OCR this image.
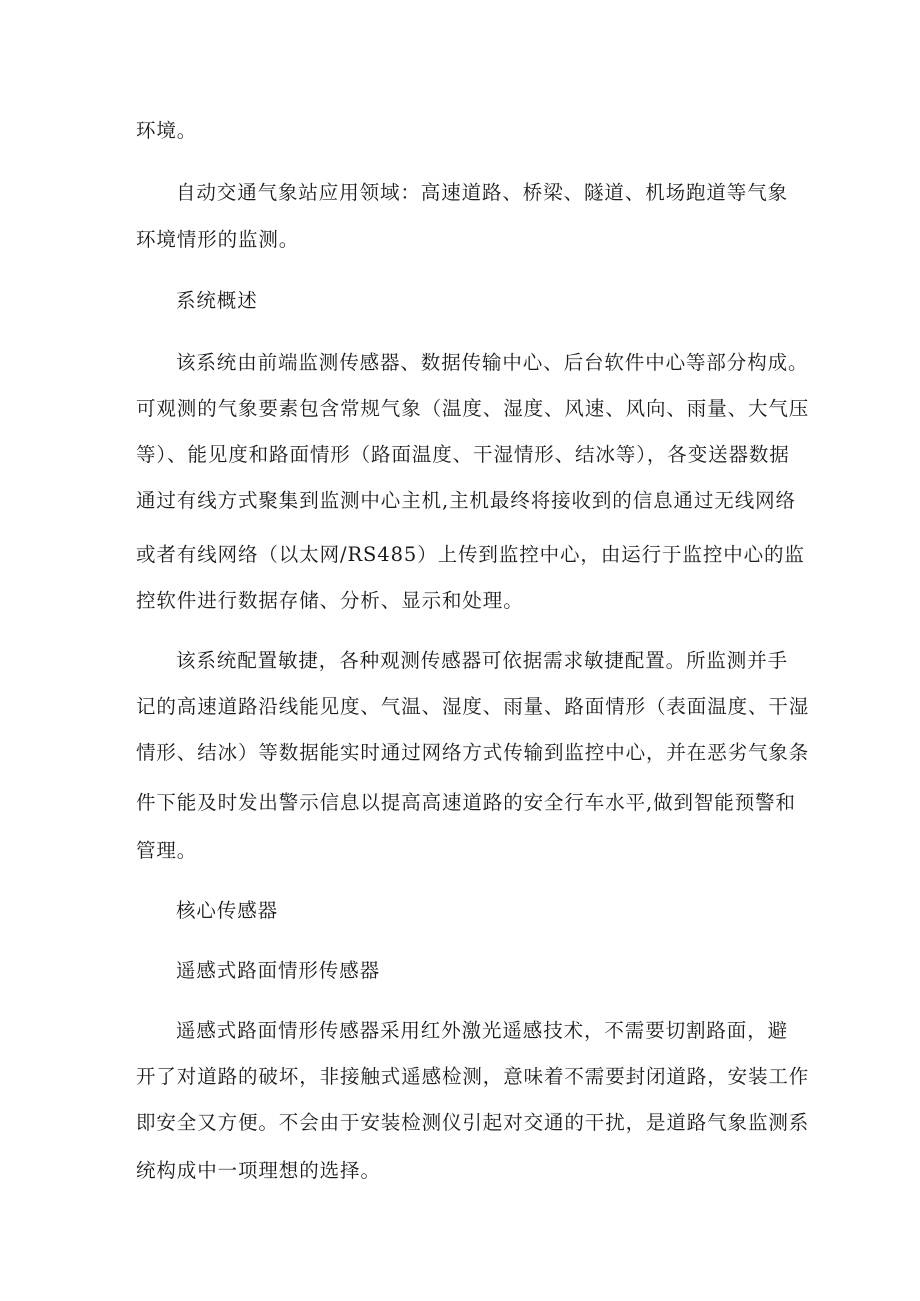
环境。
自动交通气象站应用领域：高速道路、桥梁、隧道、机场跑道等气象
环境情形的监测。
系统概述
该系统由前端监测传感器、数据传输中心、后台软件中心等部分构成。
可观测的气象要素包含常规气象（温度、湿度、风速、风向、雨量、大气压
等）、能见度和路面情形（路面温度、干湿情形、结冰等），各变送器数据
通过有线方式聚集到监测中心主机,主机最终将接收到的信息通过无线网络
或者有线网络（以太网/RS485）上传到监控中心，由运行于监控中心的监
控软件进行数据存储、分析、显示和处理。
该系统配置敏捷，各种观测传感器可依据需求敏捷配置。所监测并手
记的高速道路沿线能见度、气温、湿度、雨量、路面情形（表面温度、干湿
情形、结冰）等数据能实时通过网络方式传输到监控中心，并在恶劣气象条
件下能及时发出警示信息以提高高速道路的安全行车水平,做到智能预警和
管理。
核心传感器
遥感式路面情形传感器
遥感式路面情形传感器采用红外激光遥感技术，不需要切割路面，避
开了对道路的破坏，非接触式遥感检测，意味着不需要封闭道路，安装工作
即安全又方便。不会由于安装检测仪引起对交通的干扰，是道路气象监测系
统构成中一项理想的选择。
